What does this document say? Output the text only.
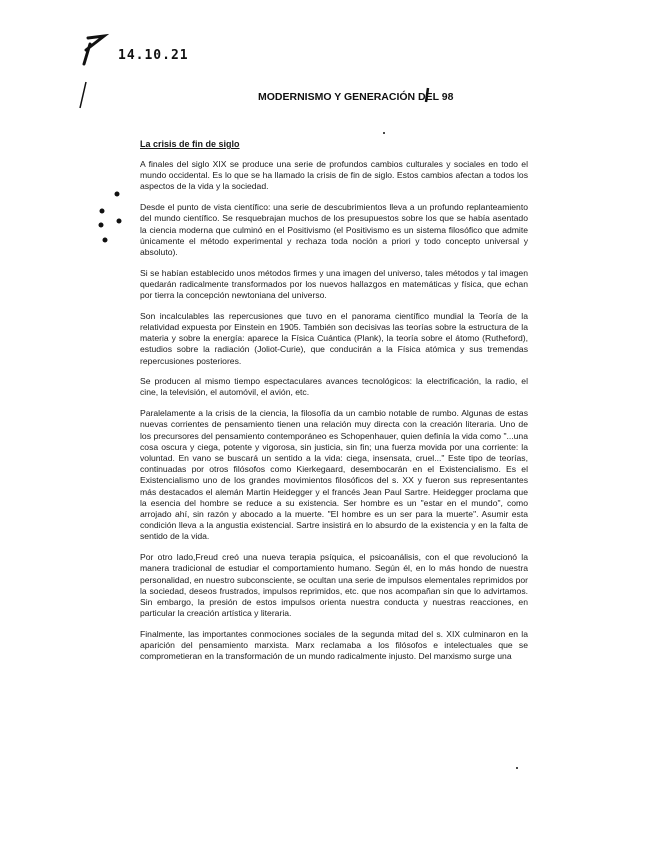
14.10.21
MODERNISMO Y GENERACIÓN DEL 98
La crisis de fin de siglo

A finales del siglo XIX se produce una serie de profundos cambios culturales y sociales en todo el mundo occidental. Es lo que se ha llamado la crisis de fin de siglo. Estos cambios afectan a todos los aspectos de la vida y la sociedad.

Desde el punto de vista científico: una serie de descubrimientos lleva a un profundo replanteamiento del mundo científico. Se resquebrajan muchos de los presupuestos sobre los que se había asentado la ciencia moderna que culminó en el Positivismo (el Positivismo es un sistema filosófico que admite únicamente el método experimental y rechaza toda noción a priori y todo concepto universal y absoluto).

Si se habían establecido unos métodos firmes y una imagen del universo, tales métodos y tal imagen quedarán radicalmente transformados por los nuevos hallazgos en matemáticas y física, que echan por tierra la concepción newtoniana del universo.

Son incalculables las repercusiones que tuvo en el panorama científico mundial la Teoría de la relatividad expuesta por Einstein en 1905. También son decisivas las teorías sobre la estructura de la materia y sobre la energía: aparece la Física Cuántica (Plank), la teoría sobre el átomo (Rutheford), estudios sobre la radiación (Joliot-Curie), que conducirán a la Física atómica y sus tremendas repercusiones posteriores.

Se producen al mismo tiempo espectaculares avances tecnológicos: la electrificación, la radio, el cine, la televisión, el automóvil, el avión, etc.

Paralelamente a la crisis de la ciencia, la filosofía da un cambio notable de rumbo. Algunas de estas nuevas corrientes de pensamiento tienen una relación muy directa con la creación literaria. Uno de los precursores del pensamiento contemporáneo es Schopenhauer, quien definía la vida como "...una cosa oscura y ciega, potente y vigorosa, sin justicia, sin fin; una fuerza movida por una corriente: la voluntad. En vano se buscará un sentido a la vida: ciega, insensata, cruel..." Este tipo de teorías, continuadas por otros filósofos como Kierkegaard, desembocarán en el Existencialismo. Es el Existencialismo uno de los grandes movimientos filosóficos del s. XX y fueron sus representantes más destacados el alemán Martin Heidegger y el francés Jean Paul Sartre. Heidegger proclama que la esencia del hombre se reduce a su existencia. Ser hombre es un "estar en el mundo", como arrojado ahí, sin razón y abocado a la muerte. "El hombre es un ser para la muerte". Asumir esta condición lleva a la angustia existencial. Sartre insistirá en lo absurdo de la existencia y en la falta de sentido de la vida.

Por otro lado,Freud creó una nueva terapia psíquica, el psicoanálisis, con el que revolucionó la manera tradicional de estudiar el comportamiento humano. Según él, en lo más hondo de nuestra personalidad, en nuestro subconsciente, se ocultan una serie de impulsos elementales reprimidos por la sociedad, deseos frustrados, impulsos reprimidos, etc. que nos acompañan sin que lo advirtamos. Sin embargo, la presión de estos impulsos orienta nuestra conducta y nuestras reacciones, en particular la creación artística y literaria.

Finalmente, las importantes conmociones sociales de la segunda mitad del s. XIX culminaron en la aparición del pensamiento marxista. Marx reclamaba a los filósofos e intelectuales que se comprometieran en la transformación de un mundo radicalmente injusto. Del marxismo surge una
